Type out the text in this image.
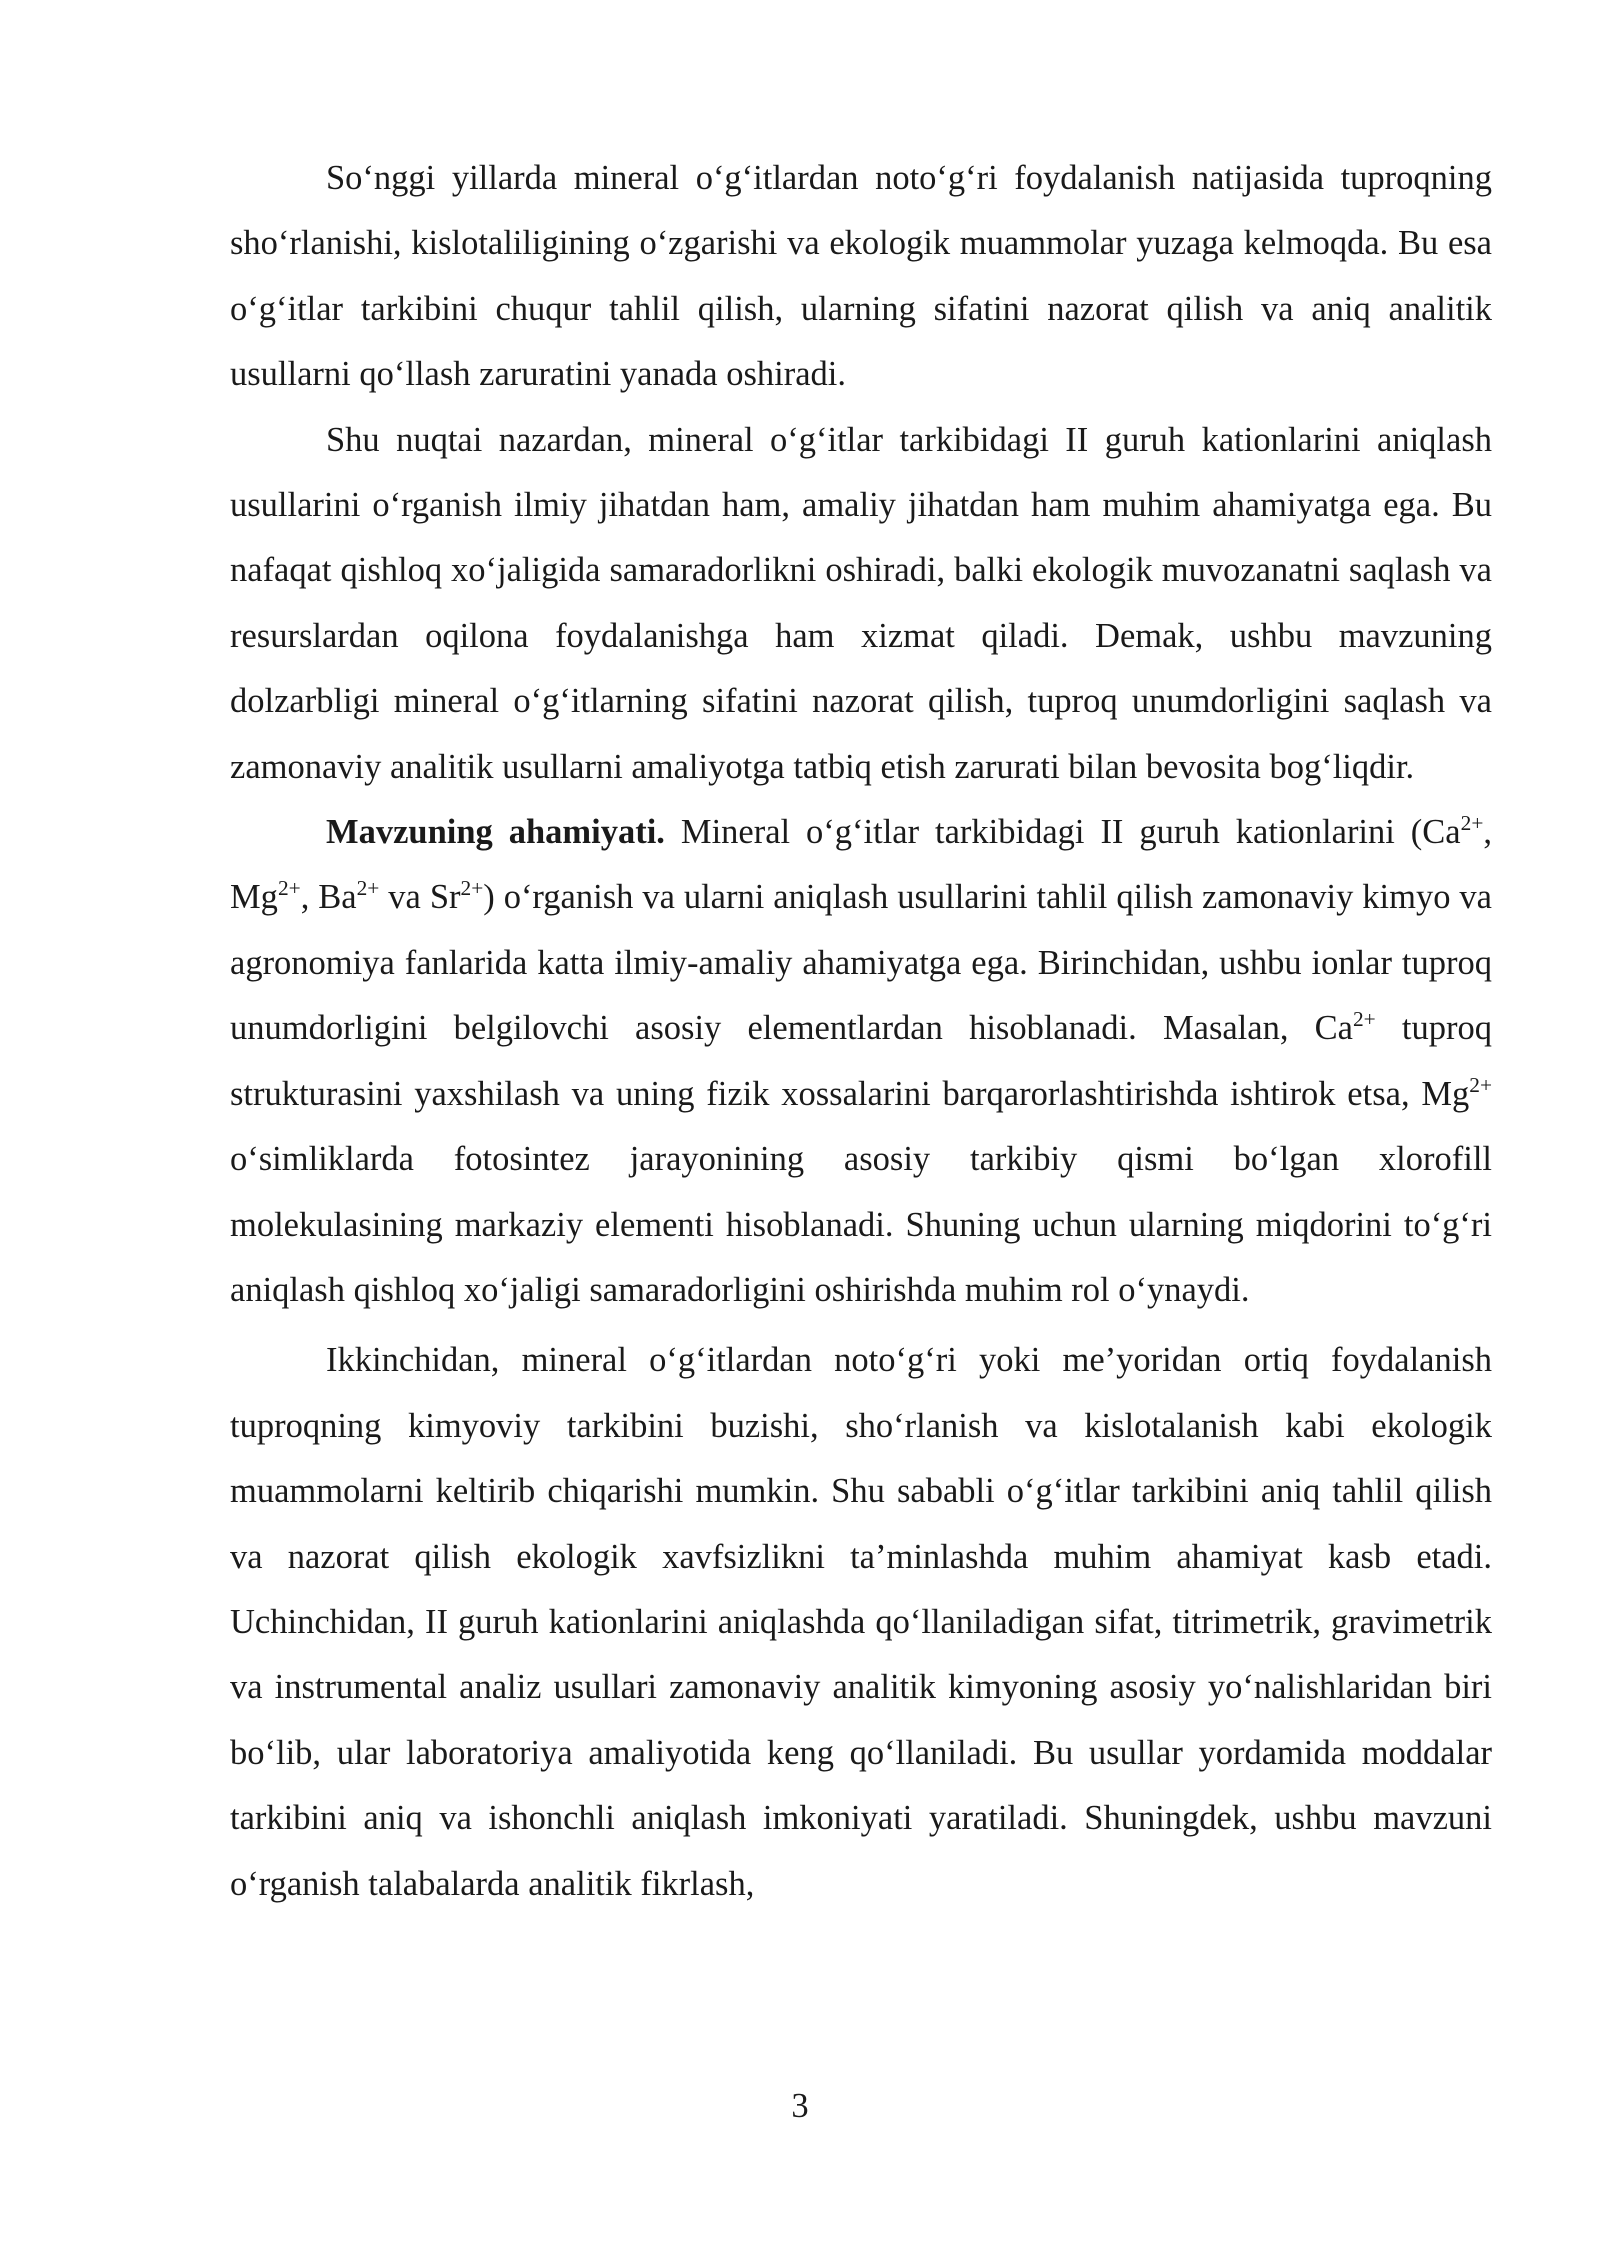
So‘nggi yillarda mineral o‘g‘itlardan noto‘g‘ri foydalanish natijasida tuproqning sho‘rlanishi, kislotaliligining o‘zgarishi va ekologik muammolar yuzaga kelmoqda. Bu esa o‘g‘itlar tarkibini chuqur tahlil qilish, ularning sifatini nazorat qilish va aniq analitik usullarni qo‘llash zaruratini yanada oshiradi.

Shu nuqtai nazardan, mineral o‘g‘itlar tarkibidagi II guruh kationlarini aniqlash usullarini o‘rganish ilmiy jihatdan ham, amaliy jihatdan ham muhim ahamiyatga ega. Bu nafaqat qishloq xo‘jaligida samaradorlikni oshiradi, balki ekologik muvozanatni saqlash va resurslardan oqilona foydalanishga ham xizmat qiladi. Demak, ushbu mavzuning dolzarbligi mineral o‘g‘itlarning sifatini nazorat qilish, tuproq unumdorligini saqlash va zamonaviy analitik usullarni amaliyotga tatbiq etish zarurati bilan bevosita bog‘liqdir.

Mavzuning ahamiyati. Mineral o‘g‘itlar tarkibidagi II guruh kationlarini ($Ca^{2+}$, $Mg^{2+}$, $Ba^{2+}$ va $Sr^{2+}$) o‘rganish va ularni aniqlash usullarini tahlil qilish zamonaviy kimyo va agronomiya fanlarida katta ilmiy-amaliy ahamiyatga ega. Birinchidan, ushbu ionlar tuproq unumdorligini belgilovchi asosiy elementlardan hisoblanadi. Masalan, $Ca^{2+}$ tuproq strukturasini yaxshilash va uning fizik xossalarini barqarorlashtirishda ishtirok etsa, $Mg^{2+}$ o‘simliklarda fotosintez jarayonining asosiy tarkibiy qismi bo‘lgan xlorofill molekulasining markaziy elementi hisoblanadi. Shuning uchun ularning miqdorini to‘g‘ri aniqlash qishloq xo‘jaligi samaradorligini oshirishda muhim rol o‘ynaydi.

Ikkinchidan, mineral o‘g‘itlardan noto‘g‘ri yoki me’yoridan ortiq foydalanish tuproqning kimyoviy tarkibini buzishi, sho‘rlanish va kislotalanish kabi ekologik muammolarni keltirib chiqarishi mumkin. Shu sababli o‘g‘itlar tarkibini aniq tahlil qilish va nazorat qilish ekologik xavfsizlikni ta’minlashda muhim ahamiyat kasb etadi. Uchinchidan, II guruh kationlarini aniqlashda qo‘llaniladigan sifat, titrimetrik, gravimetrik va instrumental analiz usullari zamonaviy analitik kimyoning asosiy yo‘nalishlaridan biri bo‘lib, ular laboratoriya amaliyotida keng qo‘llaniladi. Bu usullar yordamida moddalar tarkibini aniq va ishonchli aniqlash imkoniyati yaratiladi. Shuningdek, ushbu mavzuni o‘rganish talabalarda analitik fikrlash,

3
